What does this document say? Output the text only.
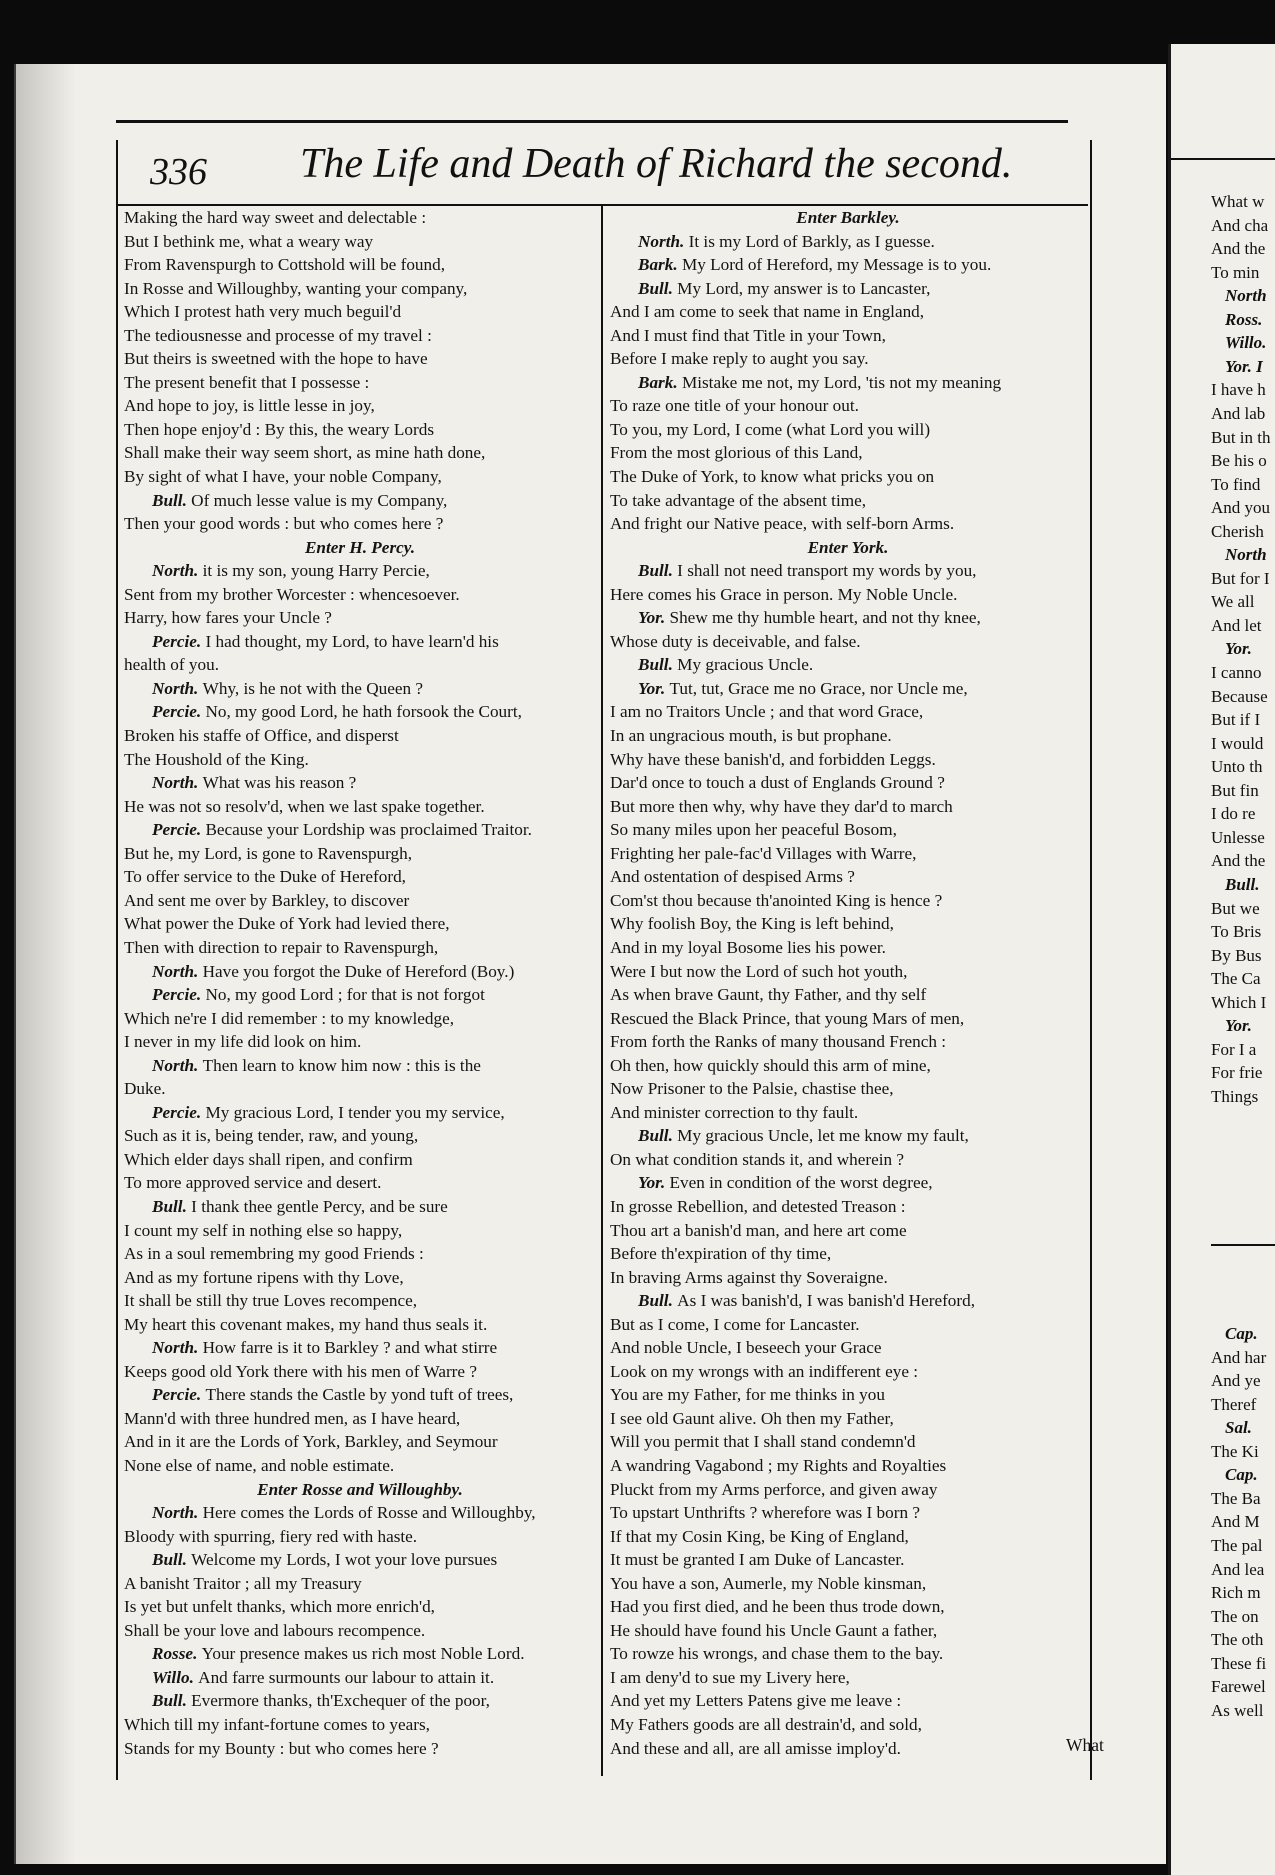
What w
And cha
And the
To min
North
Ross.
Willo.
Yor. I
I have h
And lab
But in th
Be his o
To find
And you
Cherish
North
But for I
We all
And let
Yor.
I canno
Because
But if I
I would
Unto th
But fin
I do re
Unlesse
And the
Bull.
But we
To Bris
By Bus
The Ca
Which I
Yor.
For I a
For frie
Things
Cap.
And har
And ye
Theref
Sal.
The Ki
Cap.
The Ba
And M
The pal
And lea
Rich m
The on
The oth
These fi
Farewel
As well
336 The Life and Death of Richard the second.
Making the hard way sweet and delectable :
But I bethink me, what a weary way
From Ravenspurgh to Cottshold will be found,
In Rosse and Willoughby, wanting your company,
Which I protest hath very much beguil'd
The tediousnesse and processe of my travel :
But theirs is sweetned with the hope to have
The present benefit that I possesse :
And hope to joy, is little lesse in joy,
Then hope enjoy'd : By this, the weary Lords
Shall make their way seem short, as mine hath done,
By sight of what I have, your noble Company,
Bull. Of much lesse value is my Company,
Then your good words : but who comes here ?
Enter H. Percy.
North. it is my son, young Harry Percie,
Sent from my brother Worcester : whencesoever.
Harry, how fares your Uncle ?
Percie. I had thought, my Lord, to have learn'd his
health of you.
North. Why, is he not with the Queen ?
Percie. No, my good Lord, he hath forsook the Court,
Broken his staffe of Office, and disperst
The Houshold of the King.
North. What was his reason ?
He was not so resolv'd, when we last spake together.
Percie. Because your Lordship was proclaimed Traitor.
But he, my Lord, is gone to Ravenspurgh,
To offer service to the Duke of Hereford,
And sent me over by Barkley, to discover
What power the Duke of York had levied there,
Then with direction to repair to Ravenspurgh,
North. Have you forgot the Duke of Hereford (Boy.)
Percie. No, my good Lord ; for that is not forgot
Which ne're I did remember : to my knowledge,
I never in my life did look on him.
North. Then learn to know him now : this is the
Duke.
Percie. My gracious Lord, I tender you my service,
Such as it is, being tender, raw, and young,
Which elder days shall ripen, and confirm
To more approved service and desert.
Bull. I thank thee gentle Percy, and be sure
I count my self in nothing else so happy,
As in a soul remembring my good Friends :
And as my fortune ripens with thy Love,
It shall be still thy true Loves recompence,
My heart this covenant makes, my hand thus seals it.
North. How farre is it to Barkley ? and what stirre
Keeps good old York there with his men of Warre ?
Percie. There stands the Castle by yond tuft of trees,
Mann'd with three hundred men, as I have heard,
And in it are the Lords of York, Barkley, and Seymour
None else of name, and noble estimate.
Enter Rosse and Willoughby.
North. Here comes the Lords of Rosse and Willoughby,
Bloody with spurring, fiery red with haste.
Bull. Welcome my Lords, I wot your love pursues
A banisht Traitor ; all my Treasury
Is yet but unfelt thanks, which more enrich'd,
Shall be your love and labours recompence.
Rosse. Your presence makes us rich most Noble Lord.
Willo. And farre surmounts our labour to attain it.
Bull. Evermore thanks, th'Exchequer of the poor,
Which till my infant-fortune comes to years,
Stands for my Bounty : but who comes here ?
Enter Barkley.
North. It is my Lord of Barkly, as I guesse.
Bark. My Lord of Hereford, my Message is to you.
Bull. My Lord, my answer is to Lancaster,
And I am come to seek that name in England,
And I must find that Title in your Town,
Before I make reply to aught you say.
Bark. Mistake me not, my Lord, 'tis not my meaning
To raze one title of your honour out.
To you, my Lord, I come (what Lord you will)
From the most glorious of this Land,
The Duke of York, to know what pricks you on
To take advantage of the absent time,
And fright our Native peace, with self-born Arms.
Enter York.
Bull. I shall not need transport my words by you,
Here comes his Grace in person. My Noble Uncle.
Yor. Shew me thy humble heart, and not thy knee,
Whose duty is deceivable, and false.
Bull. My gracious Uncle.
Yor. Tut, tut, Grace me no Grace, nor Uncle me,
I am no Traitors Uncle ; and that word Grace,
In an ungracious mouth, is but prophane.
Why have these banish'd, and forbidden Leggs.
Dar'd once to touch a dust of Englands Ground ?
But more then why, why have they dar'd to march
So many miles upon her peaceful Bosom,
Frighting her pale-fac'd Villages with Warre,
And ostentation of despised Arms ?
Com'st thou because th'anointed King is hence ?
Why foolish Boy, the King is left behind,
And in my loyal Bosome lies his power.
Were I but now the Lord of such hot youth,
As when brave Gaunt, thy Father, and thy self
Rescued the Black Prince, that young Mars of men,
From forth the Ranks of many thousand French :
Oh then, how quickly should this arm of mine,
Now Prisoner to the Palsie, chastise thee,
And minister correction to thy fault.
Bull. My gracious Uncle, let me know my fault,
On what condition stands it, and wherein ?
Yor. Even in condition of the worst degree,
In grosse Rebellion, and detested Treason :
Thou art a banish'd man, and here art come
Before th'expiration of thy time,
In braving Arms against thy Soveraigne.
Bull. As I was banish'd, I was banish'd Hereford,
But as I come, I come for Lancaster.
And noble Uncle, I beseech your Grace
Look on my wrongs with an indifferent eye :
You are my Father, for me thinks in you
I see old Gaunt alive. Oh then my Father,
Will you permit that I shall stand condemn'd
A wandring Vagabond ; my Rights and Royalties
Pluckt from my Arms perforce, and given away
To upstart Unthrifts ? wherefore was I born ?
If that my Cosin King, be King of England,
It must be granted I am Duke of Lancaster.
You have a son, Aumerle, my Noble kinsman,
Had you first died, and he been thus trode down,
He should have found his Uncle Gaunt a father,
To rowze his wrongs, and chase them to the bay.
I am deny'd to sue my Livery here,
And yet my Letters Patens give me leave :
My Fathers goods are all destrain'd, and sold,
And these and all, are all amisse imploy'd.	What
